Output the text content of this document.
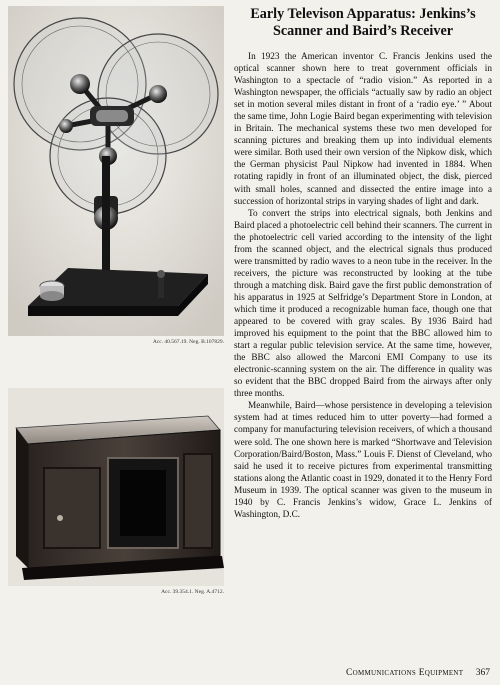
Acc. 40.567.19. Neg. B.107829.
Acc. 39.354.1. Neg. A.4712.
Early Televison Apparatus: Jenkins’s
Scanner and Baird’s Receiver

In 1923 the American inventor C. Francis Jenkins used the optical scanner shown here to treat government officials in Washington to a spectacle of “radio vision.” As reported in a Washington newspaper, the officials “actually saw by radio an object set in motion several miles distant in front of a ‘radio eye.’ ” About the same time, John Logie Baird began experimenting with television in Britain. The mechanical systems these two men developed for scanning pictures and breaking them up into individual elements were similar. Both used their own version of the Nipkow disk, which the German physicist Paul Nipkow had invented in 1884. When rotating rapidly in front of an illuminated object, the disk, pierced with small holes, scanned and dissected the entire image into a succession of horizontal strips in varying shades of light and dark.

To convert the strips into electrical signals, both Jenkins and Baird placed a photoelectric cell behind their scanners. The current in the photoelectric cell varied according to the intensity of the light from the scanned object, and the electrical signals thus produced were transmitted by radio waves to a neon tube in the receiver. In the receivers, the picture was reconstructed by looking at the tube through a matching disk. Baird gave the first public demonstration of his apparatus in 1925 at Selfridge’s Department Store in London, at which time it produced a recognizable human face, though one that appeared to be covered with gray scales. By 1936 Baird had improved his equipment to the point that the BBC allowed him to start a regular public television service. At the same time, however, the BBC also allowed the Marconi EMI Company to use its electronic-scanning system on the air. The difference in quality was so evident that the BBC dropped Baird from the airways after only three months.

Meanwhile, Baird—whose persistence in developing a television system had at times reduced him to utter poverty—had formed a company for manufacturing television receivers, of which a thousand were sold. The one shown here is marked “Shortwave and Television Corporation/Baird/Boston, Mass.” Louis F. Dienst of Cleveland, who said he used it to receive pictures from experimental transmitting stations along the Atlantic coast in 1929, donated it to the Henry Ford Museum in 1939. The optical scanner was given to the museum in 1940 by C. Francis Jenkins’s widow, Grace L. Jenkins of Washington, D.C.

Communications Equipment 367
